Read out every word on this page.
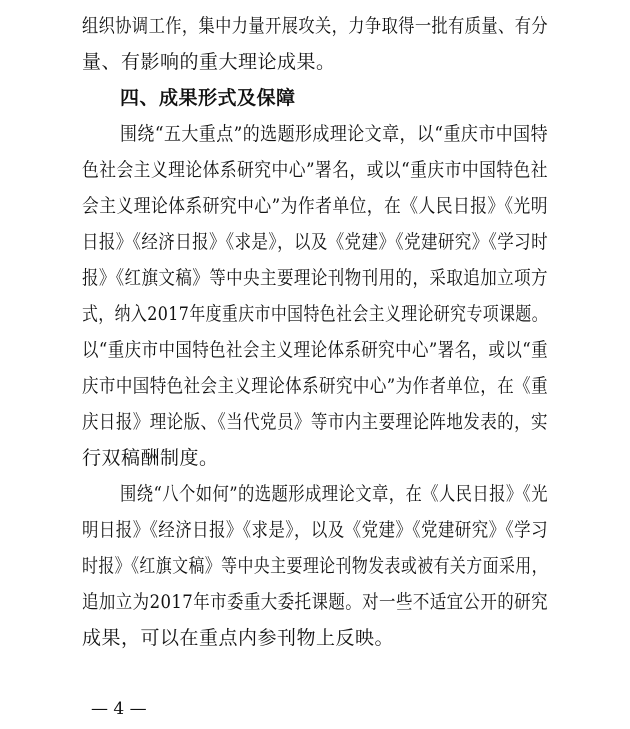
组织协调工作，集中力量开展攻关，力争取得一批有质量、有分
量、有影响的重大理论成果。
四、成果形式及保障
围绕“五大重点”的选题形成理论文章，以“重庆市中国特
色社会主义理论体系研究中心”署名，或以“重庆市中国特色社
会主义理论体系研究中心”为作者单位，在《人民日报》《光明
日报》《经济日报》《求是》，以及《党建》《党建研究》《学习时
报》《红旗文稿》等中央主要理论刊物刊用的，采取追加立项方
式，纳入2017年度重庆市中国特色社会主义理论研究专项课题。
以“重庆市中国特色社会主义理论体系研究中心”署名，或以“重
庆市中国特色社会主义理论体系研究中心”为作者单位，在《重
庆日报》理论版、《当代党员》等市内主要理论阵地发表的，实
行双稿酬制度。
围绕“八个如何”的选题形成理论文章，在《人民日报》《光
明日报》《经济日报》《求是》，以及《党建》《党建研究》《学习
时报》《红旗文稿》等中央主要理论刊物发表或被有关方面采用，
追加立为2017年市委重大委托课题。对一些不适宜公开的研究
成果，可以在重点内参刊物上反映。
— 4 —
